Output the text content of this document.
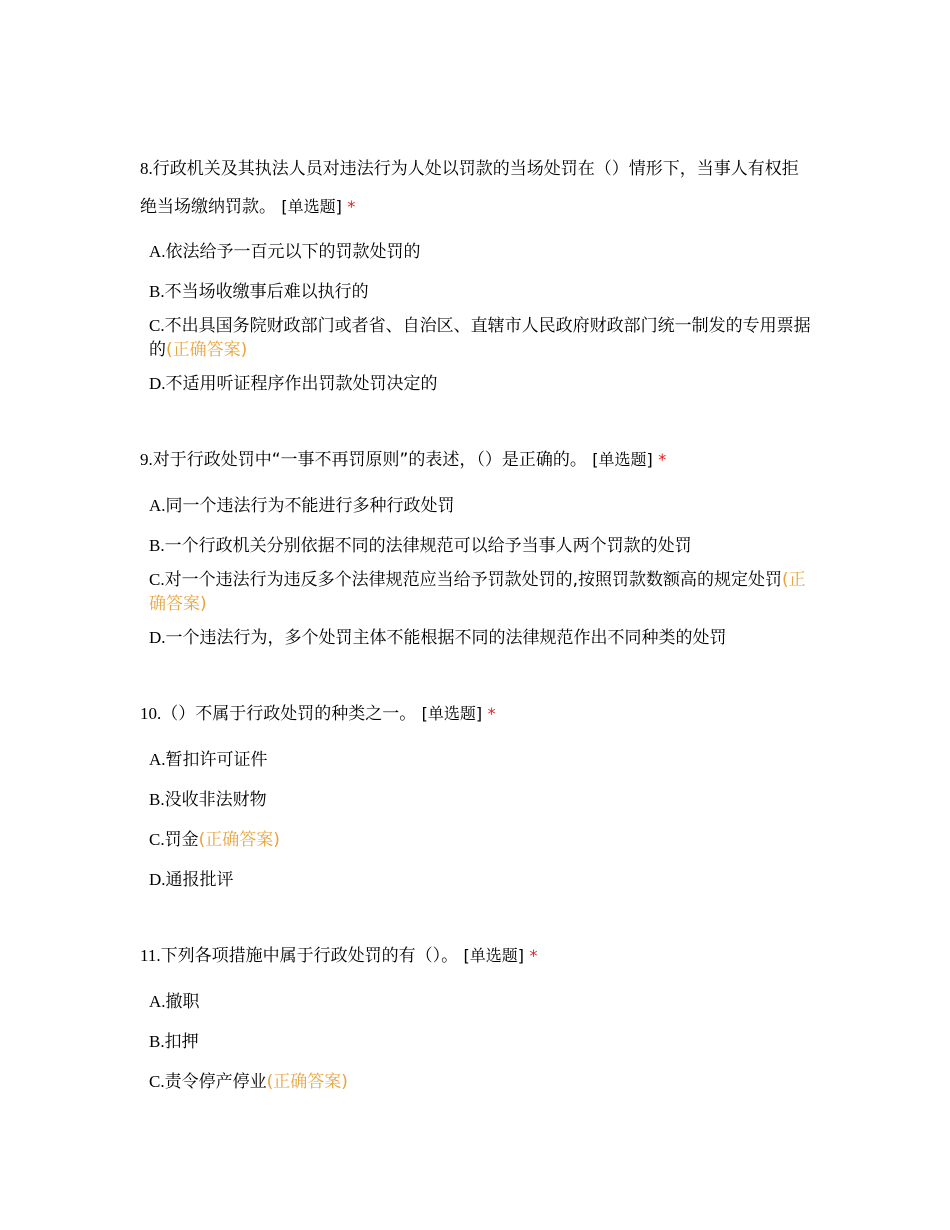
8.行政机关及其执法人员对违法行为人处以罚款的当场处罚在（）情形下，当事人有权拒绝当场缴纳罚款。 [单选题] *

A.依法给予一百元以下的罚款处罚的

B.不当场收缴事后难以执行的

C.不出具国务院财政部门或者省、自治区、直辖市人民政府财政部门统一制发的专用票据的(正确答案)

D.不适用听证程序作出罚款处罚决定的

9.对于行政处罚中“一事不再罚原则”的表述，（）是正确的。 [单选题] *

A.同一个违法行为不能进行多种行政处罚

B.一个行政机关分别依据不同的法律规范可以给予当事人两个罚款的处罚

C.对一个违法行为违反多个法律规范应当给予罚款处罚的,按照罚款数额高的规定处罚(正确答案)

D.一个违法行为，多个处罚主体不能根据不同的法律规范作出不同种类的处罚

10.（）不属于行政处罚的种类之一。 [单选题] *

A.暂扣许可证件

B.没收非法财物

C.罚金(正确答案)

D.通报批评

11.下列各项措施中属于行政处罚的有（）。 [单选题] *

A.撤职

B.扣押

C.责令停产停业(正确答案)
